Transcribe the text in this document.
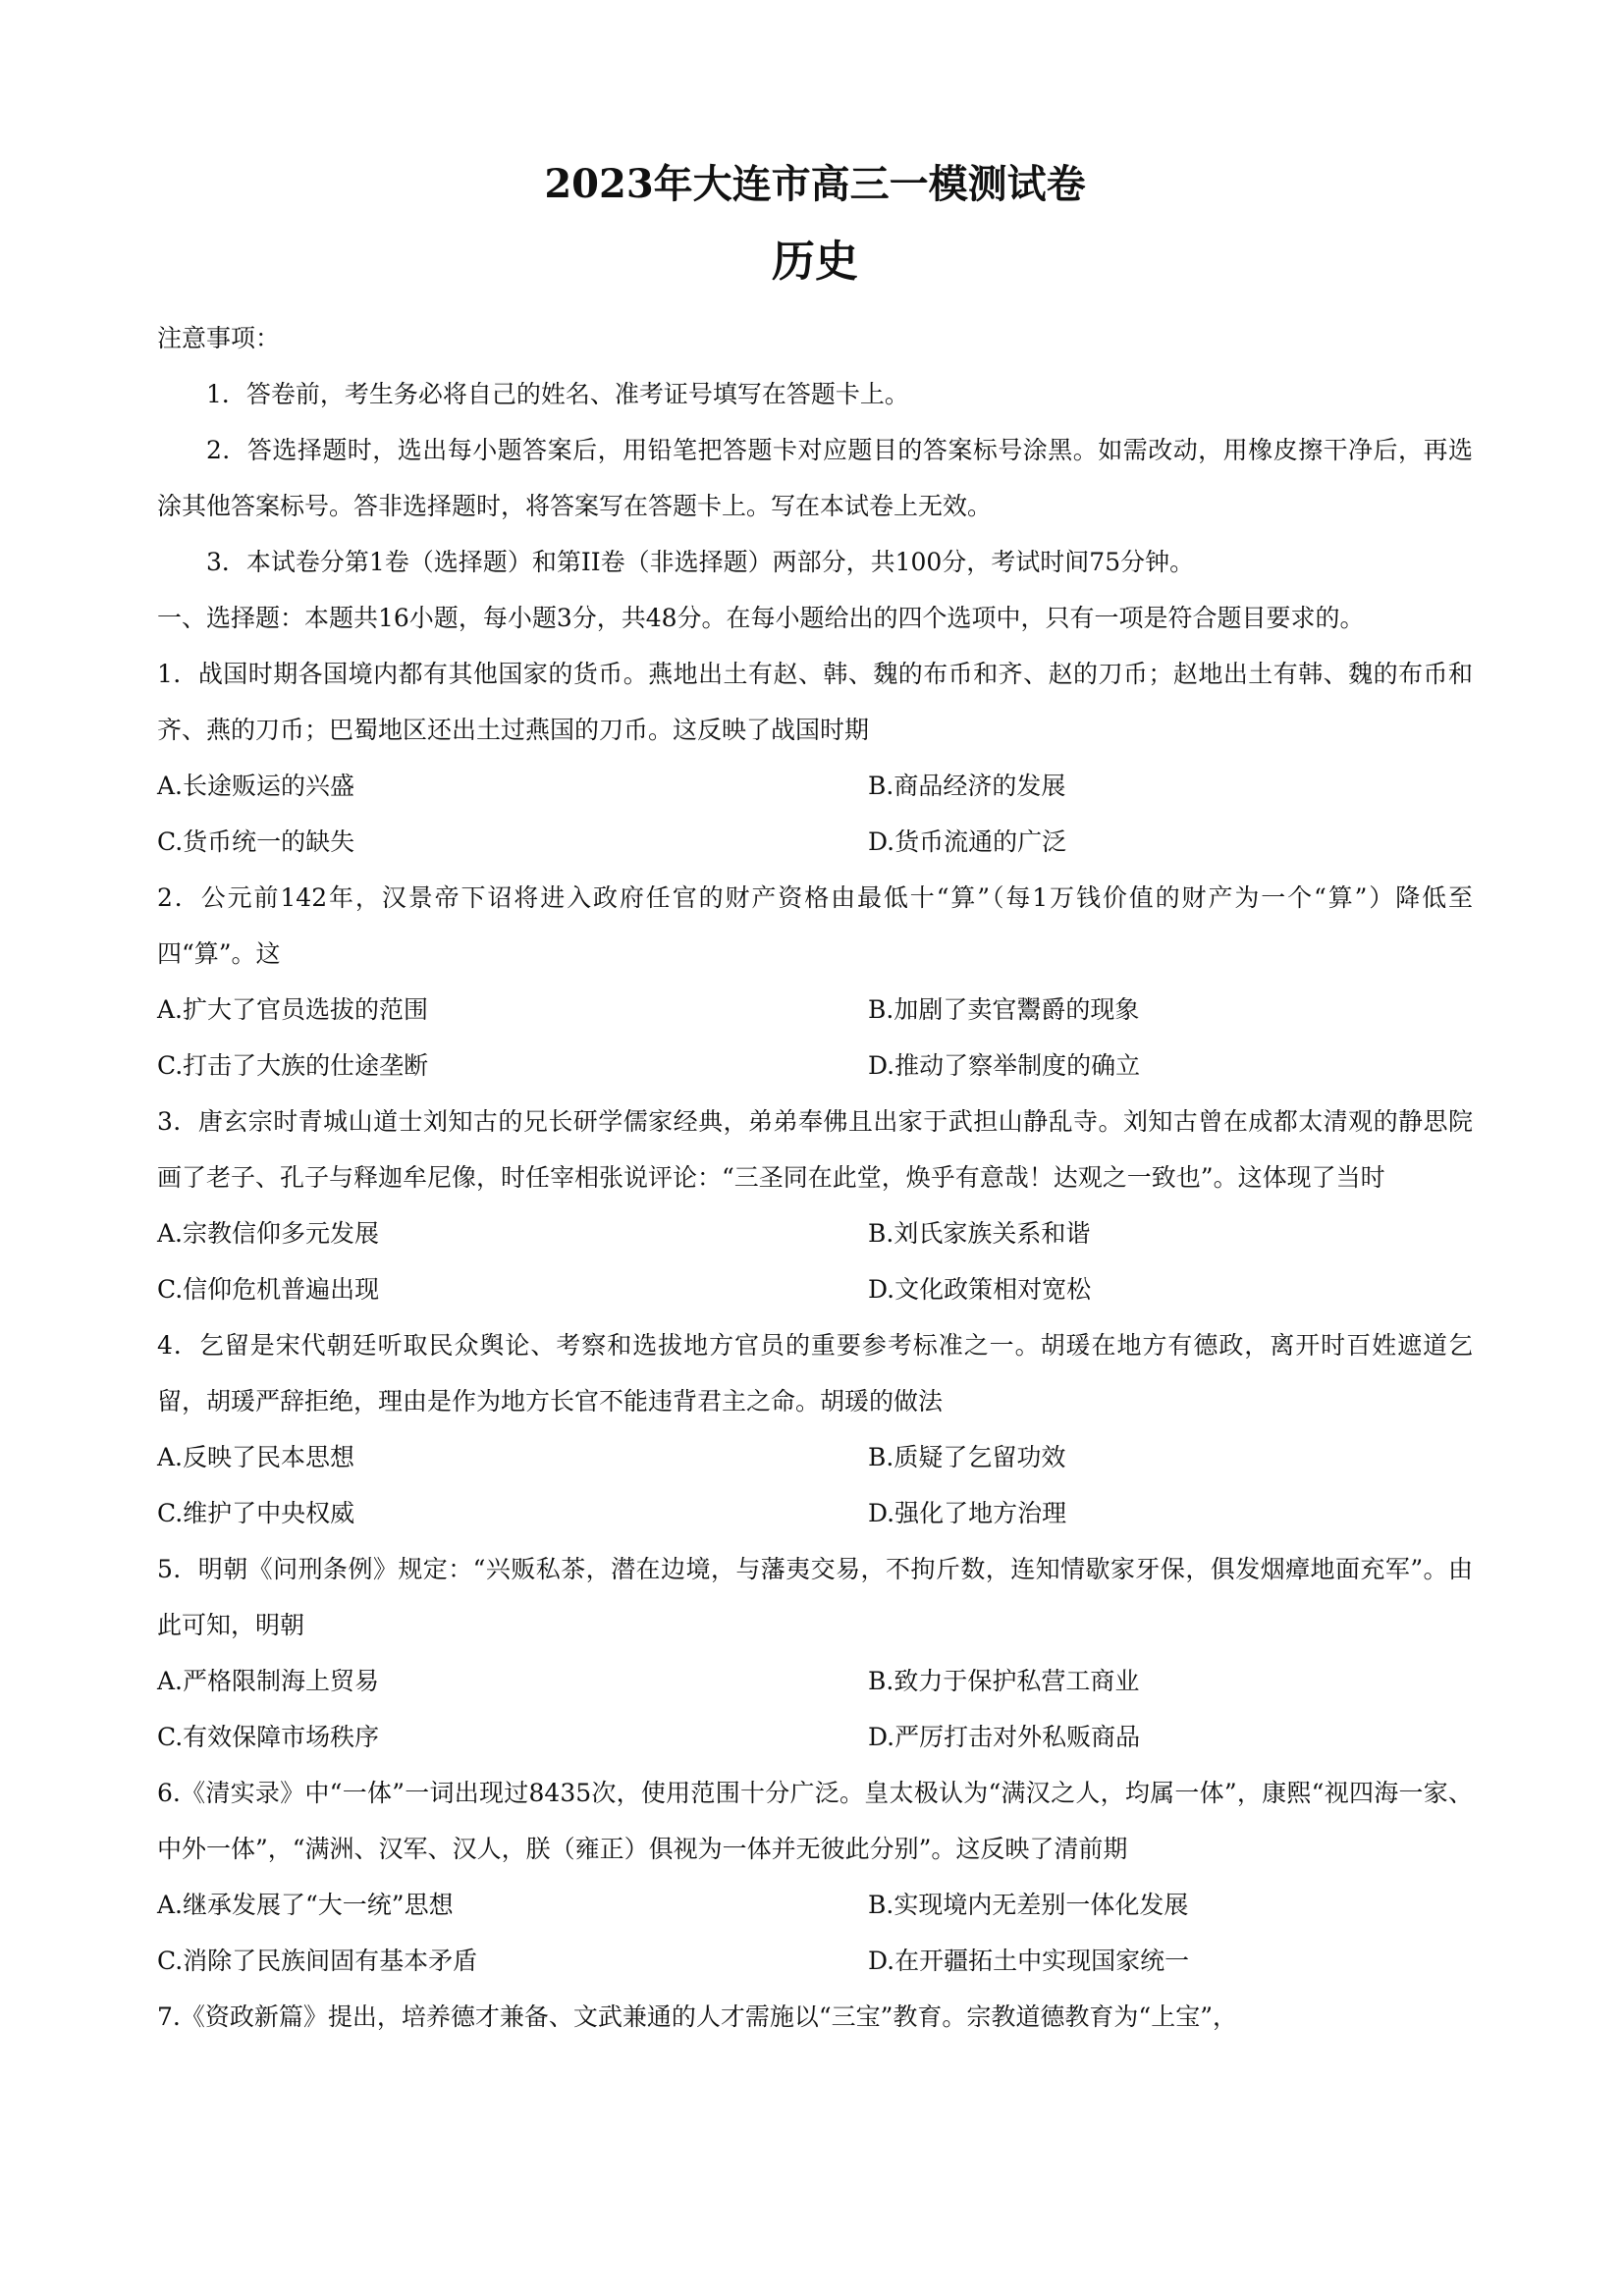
2023年大连市高三一模测试卷
历史

注意事项：

1．答卷前，考生务必将自己的姓名、准考证号填写在答题卡上。

2．答选择题时，选出每小题答案后，用铅笔把答题卡对应题目的答案标号涂黑。如需改动，用橡皮擦干净后，再选涂其他答案标号。答非选择题时，将答案写在答题卡上。写在本试卷上无效。

3．本试卷分第1卷（选择题）和第II卷（非选择题）两部分，共100分，考试时间75分钟。

一、选择题：本题共16小题，每小题3分，共48分。在每小题给出的四个选项中，只有一项是符合题目要求的。

1．战国时期各国境内都有其他国家的货币。燕地出土有赵、韩、魏的布币和齐、赵的刀币；赵地出土有韩、魏的布币和齐、燕的刀币；巴蜀地区还出土过燕国的刀币。这反映了战国时期

A.长途贩运的兴盛	B.商品经济的发展
C.货币统一的缺失	D.货币流通的广泛

2．公元前142年，汉景帝下诏将进入政府任官的财产资格由最低十“算”（每1万钱价值的财产为一个“算”）降低至四“算”。这

A.扩大了官员选拔的范围	B.加剧了卖官鬻爵的现象
C.打击了大族的仕途垄断	D.推动了察举制度的确立

3．唐玄宗时青城山道士刘知古的兄长研学儒家经典，弟弟奉佛且出家于武担山静乱寺。刘知古曾在成都太清观的静思院画了老子、孔子与释迦牟尼像，时任宰相张说评论：“三圣同在此堂，焕乎有意哉！达观之一致也”。这体现了当时

A.宗教信仰多元发展	B.刘氏家族关系和谐
C.信仰危机普遍出现	D.文化政策相对宽松

4．乞留是宋代朝廷听取民众舆论、考察和选拔地方官员的重要参考标准之一。胡瑗在地方有德政，离开时百姓遮道乞留，胡瑗严辞拒绝，理由是作为地方长官不能违背君主之命。胡瑗的做法

A.反映了民本思想	B.质疑了乞留功效
C.维护了中央权威	D.强化了地方治理

5．明朝《问刑条例》规定：“兴贩私茶，潜在边境，与藩夷交易，不拘斤数，连知情歇家牙保，俱发烟瘴地面充军”。由此可知，明朝

A.严格限制海上贸易	B.致力于保护私营工商业
C.有效保障市场秩序	D.严厉打击对外私贩商品

6.《清实录》中“一体”一词出现过8435次，使用范围十分广泛。皇太极认为“满汉之人，均属一体”，康熙“视四海一家、中外一体”，“满洲、汉军、汉人，朕（雍正）俱视为一体并无彼此分别”。这反映了清前期

A.继承发展了“大一统”思想	B.实现境内无差别一体化发展
C.消除了民族间固有基本矛盾	D.在开疆拓土中实现国家统一

7.《资政新篇》提出，培养德才兼备、文武兼通的人才需施以“三宝”教育。宗教道德教育为“上宝”，
